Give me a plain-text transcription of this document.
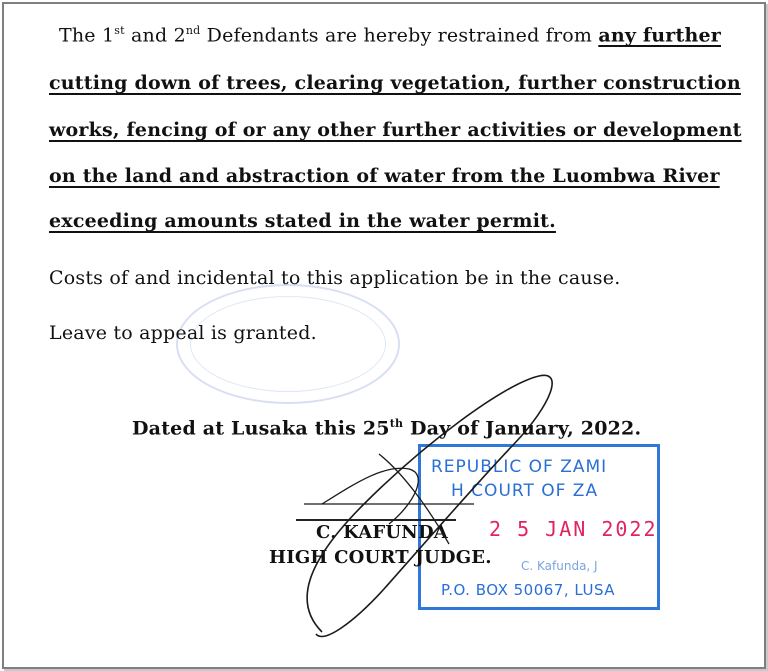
The 1st and 2nd Defendants are hereby restrained from any further
cutting down of trees, clearing vegetation, further construction
works, fencing of or any other further activities or development
on the land and abstraction of water from the Luombwa River
exceeding amounts stated in the water permit.
Costs of and incidental to this application be in the cause.
Leave to appeal is granted.
Dated at Lusaka this 25th Day of January, 2022.
REPUBLIC OF ZAMI
H COURT OF ZA
2 5 JAN 2022
C. Kafunda, J
P.O. BOX 50067, LUSA
C. KAFUNDA
HIGH COURT JUDGE.
